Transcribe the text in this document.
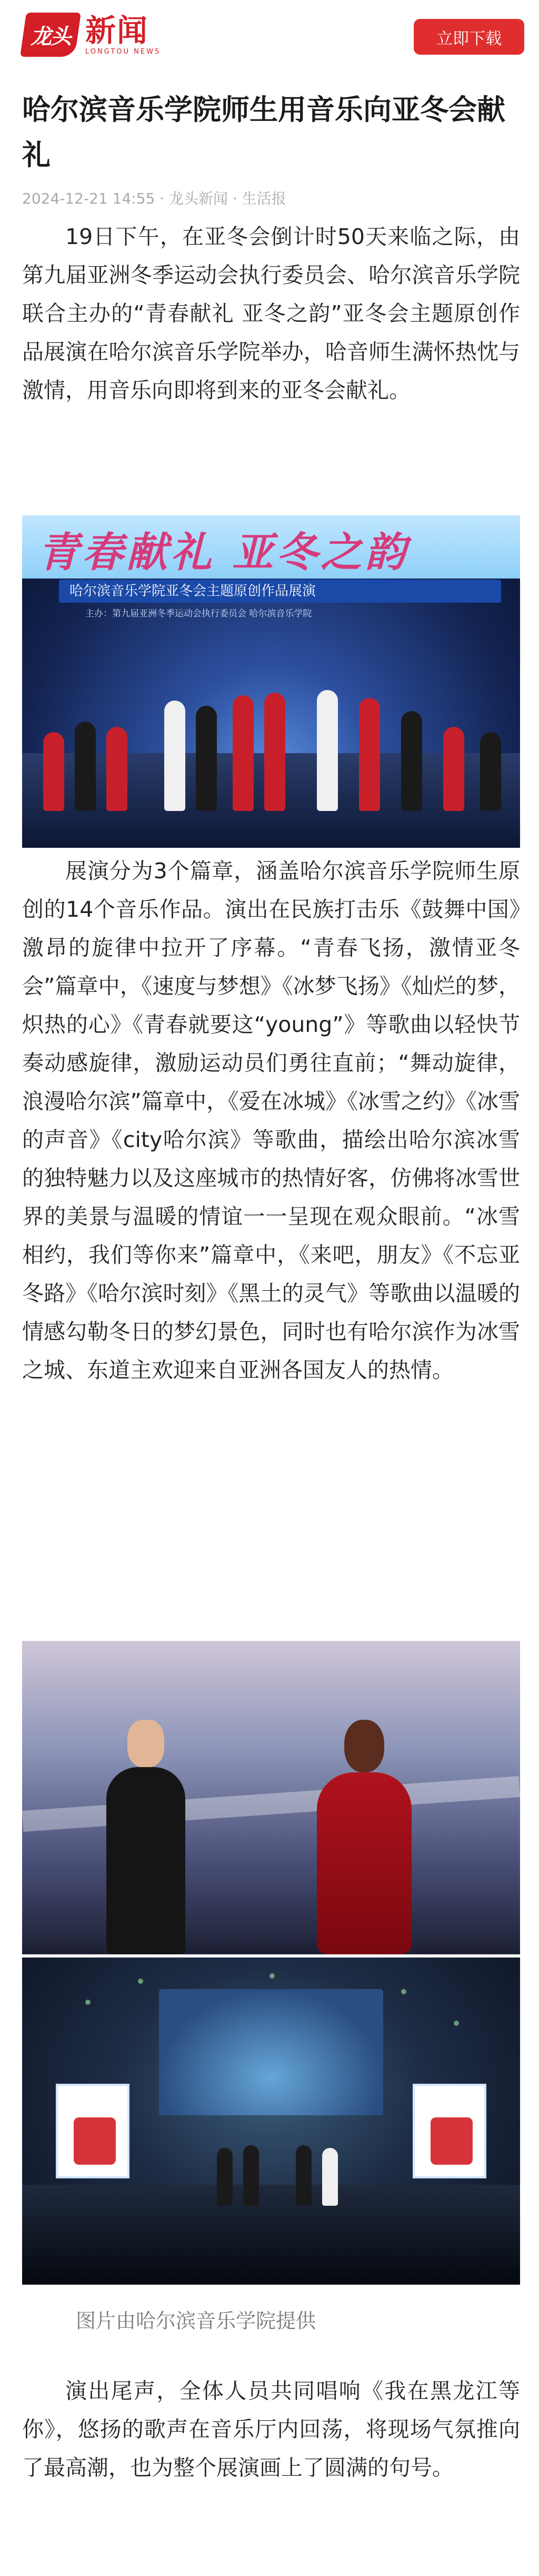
龙头 新闻
LONGTOU NEWS
立即下载
哈尔滨音乐学院师生用音乐向亚冬会献礼
2024-12-21 14:55 · 龙头新闻 · 生活报

19日下午，在亚冬会倒计时50天来临之际，由第九届亚洲冬季运动会执行委员会、哈尔滨音乐学院联合主办的“青春献礼 亚冬之韵”亚冬会主题原创作品展演在哈尔滨音乐学院举办，哈音师生满怀热忱与激情，用音乐向即将到来的亚冬会献礼。

青春献礼 亚冬之韵
哈尔滨音乐学院亚冬会主题原创作品展演
主办：第九届亚洲冬季运动会执行委员会 哈尔滨音乐学院

展演分为3个篇章，涵盖哈尔滨音乐学院师生原创的14个音乐作品。演出在民族打击乐《鼓舞中国》激昂的旋律中拉开了序幕。“青春飞扬，激情亚冬会”篇章中，《速度与梦想》《冰梦飞扬》《灿烂的梦，炽热的心》《青春就要这“young”》等歌曲以轻快节奏动感旋律，激励运动员们勇往直前；“舞动旋律，浪漫哈尔滨”篇章中，《爱在冰城》《冰雪之约》《冰雪的声音》《city哈尔滨》等歌曲，描绘出哈尔滨冰雪的独特魅力以及这座城市的热情好客，仿佛将冰雪世界的美景与温暖的情谊一一呈现在观众眼前。“冰雪相约，我们等你来”篇章中，《来吧，朋友》《不忘亚冬路》《哈尔滨时刻》《黑土的灵气》等歌曲以温暖的情感勾勒冬日的梦幻景色，同时也有哈尔滨作为冰雪之城、东道主欢迎来自亚洲各国友人的热情。

图片由哈尔滨音乐学院提供

演出尾声，全体人员共同唱响《我在黑龙江等你》，悠扬的歌声在音乐厅内回荡，将现场气氛推向了最高潮，也为整个展演画上了圆满的句号。
